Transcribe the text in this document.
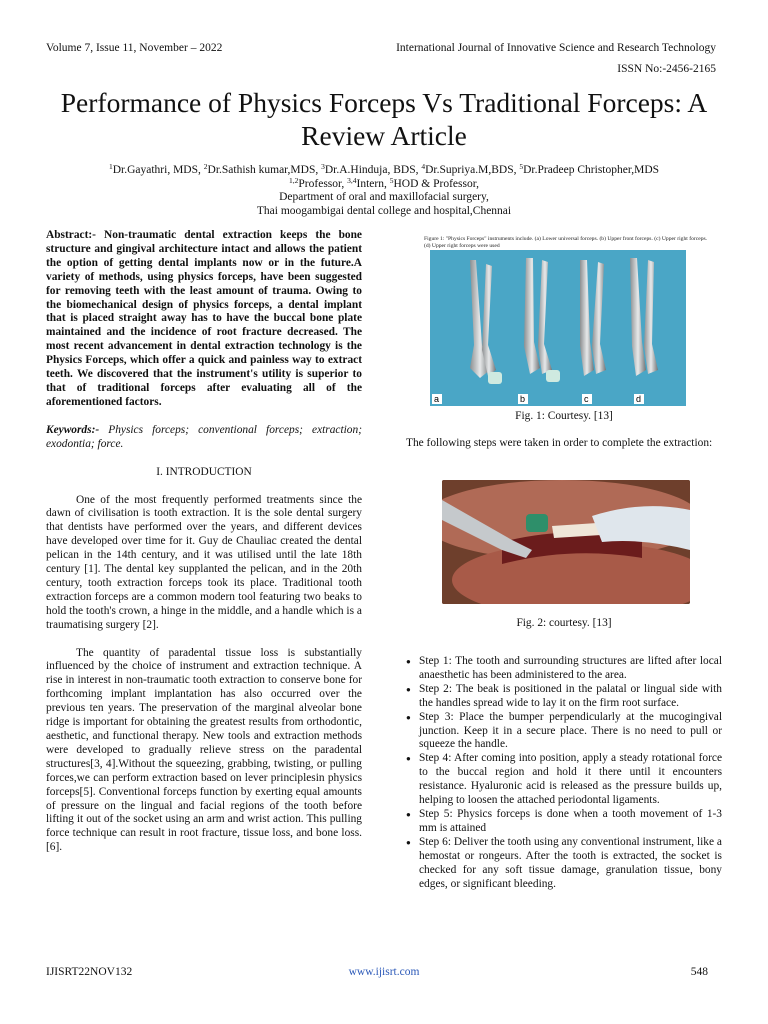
Volume 7, Issue 11, November – 2022	International Journal of Innovative Science and Research Technology
ISSN No:-2456-2165
Performance of Physics Forceps Vs Traditional Forceps: A Review Article
$^1$Dr.Gayathri, MDS, $^2$Dr.Sathish kumar,MDS, $^3$Dr.A.Hinduja, BDS, $^4$Dr.Supriya.M,BDS, $^5$Dr.Pradeep Christopher,MDS
$^{1,2}$Professor, $^{3,4}$Intern, $^5$HOD & Professor,
Department of oral and maxillofacial surgery,
Thai moogambigai dental college and hospital,Chennai

Abstract:- Non-traumatic dental extraction keeps the bone structure and gingival architecture intact and allows the patient the option of getting dental implants now or in the future.A variety of methods, using physics forceps, have been suggested for removing teeth with the least amount of trauma. Owing to the biomechanical design of physics forceps, a dental implant that is placed straight away has to have the buccal bone plate maintained and the incidence of root fracture decreased. The most recent advancement in dental extraction technology is the Physics Forceps, which offer a quick and painless way to extract teeth. We discovered that the instrument's utility is superior to that of traditional forceps after evaluating all of the aforementioned factors.

Keywords:- Physics forceps; conventional forceps; extraction; exodontia; force.

I. INTRODUCTION

One of the most frequently performed treatments since the dawn of civilisation is tooth extraction. It is the sole dental surgery that dentists have performed over the years, and different devices have developed over time for it. Guy de Chauliac created the dental pelican in the 14th century, and it was utilised until the late 18th century [1]. The dental key supplanted the pelican, and in the 20th century, tooth extraction forceps took its place. Traditional tooth extraction forceps are a common modern tool featuring two beaks to hold the tooth's crown, a hinge in the middle, and a handle which is a traumatising surgery [2].

The quantity of paradental tissue loss is substantially influenced by the choice of instrument and extraction technique. A rise in interest in non-traumatic tooth extraction to conserve bone for forthcoming implant implantation has also occurred over the previous ten years. The preservation of the marginal alveolar bone ridge is important for obtaining the greatest results from orthodontic, aesthetic, and functional therapy. New tools and extraction methods were developed to gradually relieve stress on the paradental structures[3, 4].Without the squeezing, grabbing, twisting, or pulling forces,we can perform extraction based on lever principlesin physics forceps[5]. Conventional forceps function by exerting equal amounts of pressure on the lingual and facial regions of the tooth before lifting it out of the socket using an arm and wrist action. This pulling force technique can result in root fracture, tissue loss, and bone loss. [6].

Figure 1: "Physics Forceps" instruments include. (a) Lower universal forceps. (b) Upper front forceps. (c) Upper right forceps. (d) Upper right forceps were used
a	b	c	d
Fig. 1: Courtesy. [13]
The following steps were taken in order to complete the extraction:
Fig. 2: courtesy. [13]
● Step 1: The tooth and surrounding structures are lifted after local anaesthetic has been administered to the area.
● Step 2: The beak is positioned in the palatal or lingual side with the handles spread wide to lay it on the firm root surface.
● Step 3: Place the bumper perpendicularly at the mucogingival junction. Keep it in a secure place. There is no need to pull or squeeze the handle.
● Step 4: After coming into position, apply a steady rotational force to the buccal region and hold it there until it encounters resistance. Hyaluronic acid is released as the pressure builds up, helping to loosen the attached periodontal ligaments.
● Step 5: Physics forceps is done when a tooth movement of 1-3 mm is attained
● Step 6: Deliver the tooth using any conventional instrument, like a hemostat or rongeurs. After the tooth is extracted, the socket is checked for any soft tissue damage, granulation tissue, bony edges, or significant bleeding.
IJISRT22NOV132	www.ijisrt.com	548
